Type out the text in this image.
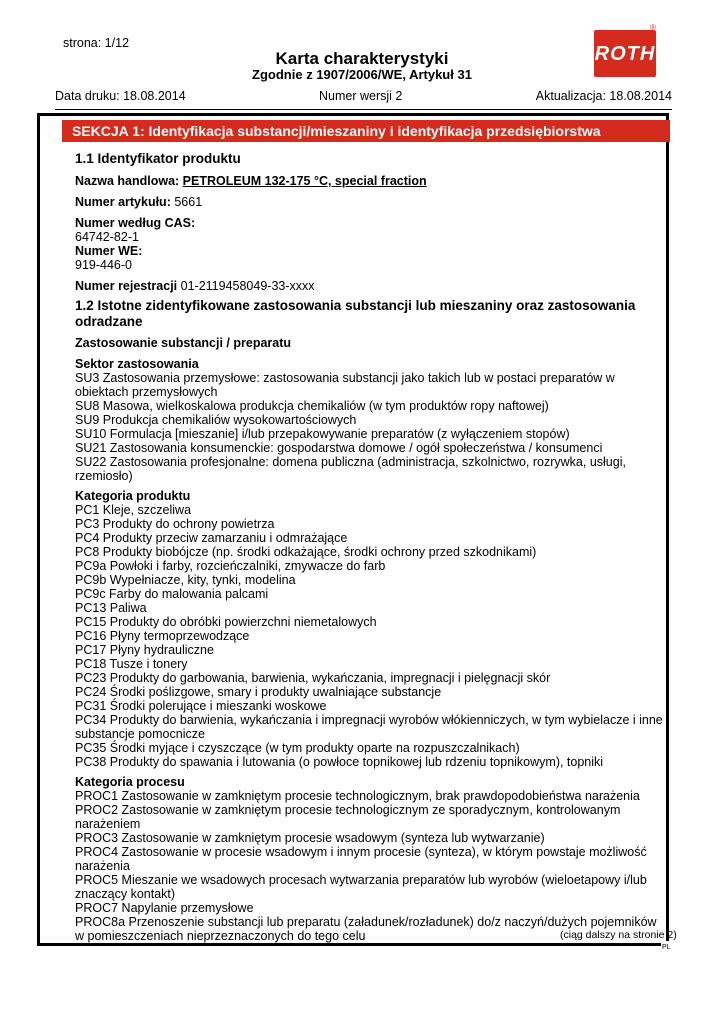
strona: 1/12
Karta charakterystyki
Zgodnie z 1907/2006/WE, Artykuł 31
ROTH
®
Data druku: 18.08.2014	Numer wersji 2	Aktualizacja: 18.08.2014
SEKCJA 1: Identyfikacja substancji/mieszaniny i identyfikacja przedsiębiorstwa
1.1 Identyfikator produktu
Nazwa handlowa: PETROLEUM 132-175 °C, special fraction
Numer artykułu: 5661
Numer według CAS:
64742-82-1
Numer WE:
919-446-0
Numer rejestracji 01-2119458049-33-xxxx
1.2 Istotne zidentyfikowane zastosowania substancji lub mieszaniny oraz zastosowania odradzane
Zastosowanie substancji / preparatu
Sektor zastosowania
SU3 Zastosowania przemysłowe: zastosowania substancji jako takich lub w postaci preparatów w obiektach przemysłowych
SU8 Masowa, wielkoskalowa produkcja chemikaliów (w tym produktów ropy naftowej)
SU9 Produkcja chemikaliów wysokowartościowych
SU10 Formulacja [mieszanie] i/lub przepakowywanie preparatów (z wyłączeniem stopów)
SU21 Zastosowania konsumenckie: gospodarstwa domowe / ogół społeczeństwa / konsumenci
SU22 Zastosowania profesjonalne: domena publiczna (administracja, szkolnictwo, rozrywka, usługi, rzemiosło)
Kategoria produktu
PC1 Kleje, szczeliwa
PC3 Produkty do ochrony powietrza
PC4 Produkty przeciw zamarzaniu i odmrażające
PC8 Produkty biobójcze (np. środki odkażające, środki ochrony przed szkodnikami)
PC9a Powłoki i farby, rozcieńczalniki, zmywacze do farb
PC9b Wypełniacze, kity, tynki, modelina
PC9c Farby do malowania palcami
PC13 Paliwa
PC15 Produkty do obróbki powierzchni niemetalowych
PC16 Płyny termoprzewodzące
PC17 Płyny hydrauliczne
PC18 Tusze i tonery
PC23 Produkty do garbowania, barwienia, wykańczania, impregnacji i pielęgnacji skór
PC24 Środki poślizgowe, smary i produkty uwalniające substancje
PC31 Środki polerujące i mieszanki woskowe
PC34 Produkty do barwienia, wykańczania i impregnacji wyrobów włókienniczych, w tym wybielacze i inne substancje pomocnicze
PC35 Środki myjące i czyszczące (w tym produkty oparte na rozpuszczalnikach)
PC38 Produkty do spawania i lutowania (o powłoce topnikowej lub rdzeniu topnikowym), topniki
Kategoria procesu
PROC1 Zastosowanie w zamkniętym procesie technologicznym, brak prawdopodobieństwa narażenia
PROC2 Zastosowanie w zamkniętym procesie technologicznym ze sporadycznym, kontrolowanym narażeniem
PROC3 Zastosowanie w zamkniętym procesie wsadowym (synteza lub wytwarzanie)
PROC4 Zastosowanie w procesie wsadowym i innym procesie (synteza), w którym powstaje możliwość narażenia
PROC5 Mieszanie we wsadowych procesach wytwarzania preparatów lub wyrobów (wieloetapowy i/lub znaczący kontakt)
PROC7 Napylanie przemysłowe
PROC8a Przenoszenie substancji lub preparatu (załadunek/rozładunek) do/z naczyń/dużych pojemników w pomieszczeniach nieprzeznaczonych do tego celu	(ciąg dalszy na stronie 2)
PL
